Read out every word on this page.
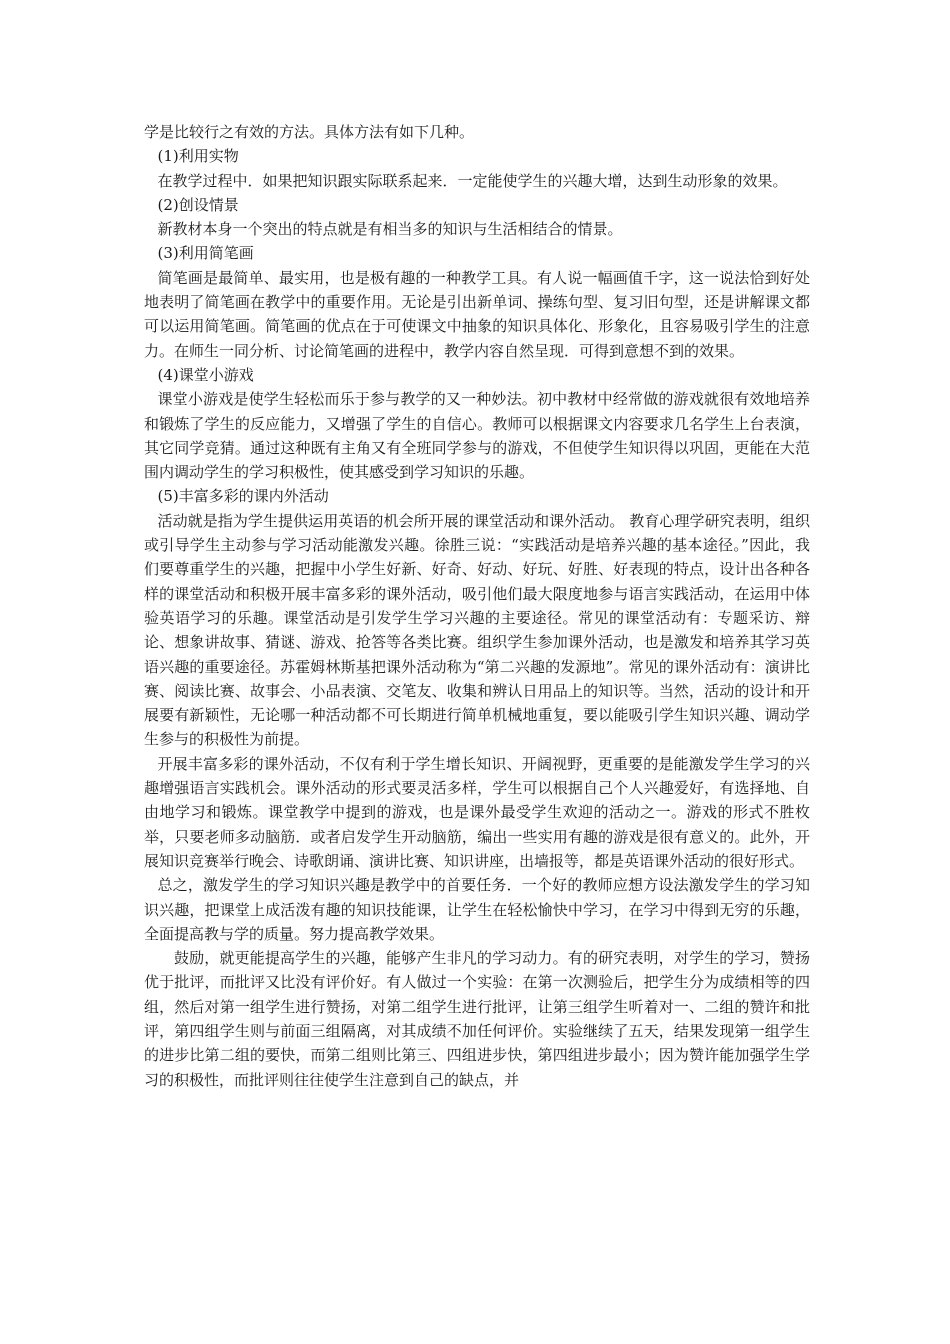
学是比较行之有效的方法。具体方法有如下几种。

(1)利用实物

在教学过程中．如果把知识跟实际联系起来．一定能使学生的兴趣大增，达到生动形象的效果。

(2)创设情景

新教材本身一个突出的特点就是有相当多的知识与生活相结合的情景。

(3)利用简笔画

简笔画是最简单、最实用，也是极有趣的一种教学工具。有人说一幅画值千字，这一说法恰到好处地表明了简笔画在教学中的重要作用。无论是引出新单词、操练句型、复习旧句型，还是讲解课文都可以运用简笔画。简笔画的优点在于可使课文中抽象的知识具体化、形象化，且容易吸引学生的注意力。在师生一同分析、讨论简笔画的进程中，教学内容自然呈现．可得到意想不到的效果。

(4)课堂小游戏

课堂小游戏是使学生轻松而乐于参与教学的又一种妙法。初中教材中经常做的游戏就很有效地培养和锻炼了学生的反应能力，又增强了学生的自信心。教师可以根据课文内容要求几名学生上台表演，其它同学竞猜。通过这种既有主角又有全班同学参与的游戏，不但使学生知识得以巩固，更能在大范围内调动学生的学习积极性，使其感受到学习知识的乐趣。

(5)丰富多彩的课内外活动

活动就是指为学生提供运用英语的机会所开展的课堂活动和课外活动。 教育心理学研究表明，组织或引导学生主动参与学习活动能激发兴趣。徐胜三说：“实践活动是培养兴趣的基本途径。”因此，我们要尊重学生的兴趣，把握中小学生好新、好奇、好动、好玩、好胜、好表现的特点，设计出各种各样的课堂活动和积极开展丰富多彩的课外活动，吸引他们最大限度地参与语言实践活动，在运用中体验英语学习的乐趣。课堂活动是引发学生学习兴趣的主要途径。常见的课堂活动有：专题采访、辩论、想象讲故事、猜谜、游戏、抢答等各类比赛。组织学生参加课外活动，也是激发和培养其学习英语兴趣的重要途径。苏霍姆林斯基把课外活动称为“第二兴趣的发源地”。常见的课外活动有：演讲比赛、阅读比赛、故事会、小品表演、交笔友、收集和辨认日用品上的知识等。当然，活动的设计和开展要有新颖性，无论哪一种活动都不可长期进行简单机械地重复，要以能吸引学生知识兴趣、调动学生参与的积极性为前提。

开展丰富多彩的课外活动，不仅有利于学生增长知识、开阔视野，更重要的是能激发学生学习的兴趣增强语言实践机会。课外活动的形式要灵活多样，学生可以根据自己个人兴趣爱好，有选择地、自由地学习和锻炼。课堂教学中提到的游戏，也是课外最受学生欢迎的活动之一。游戏的形式不胜枚举，只要老师多动脑筋．或者启发学生开动脑筋，编出一些实用有趣的游戏是很有意义的。此外，开展知识竞赛举行晚会、诗歌朗诵、演讲比赛、知识讲座，出墙报等，都是英语课外活动的很好形式。

总之，激发学生的学习知识兴趣是教学中的首要任务．一个好的教师应想方设法激发学生的学习知识兴趣，把课堂上成活泼有趣的知识技能课，让学生在轻松愉快中学习，在学习中得到无穷的乐趣，全面提高教与学的质量。努力提高教学效果。

鼓励，就更能提高学生的兴趣，能够产生非凡的学习动力。有的研究表明，对学生的学习，赞扬优于批评，而批评又比没有评价好。有人做过一个实验：在第一次测验后，把学生分为成绩相等的四组，然后对第一组学生进行赞扬，对第二组学生进行批评，让第三组学生听着对一、二组的赞许和批评，第四组学生则与前面三组隔离，对其成绩不加任何评价。实验继续了五天，结果发现第一组学生的进步比第二组的要快，而第二组则比第三、四组进步快，第四组进步最小；因为赞许能加强学生学习的积极性，而批评则往往使学生注意到自己的缺点，并
